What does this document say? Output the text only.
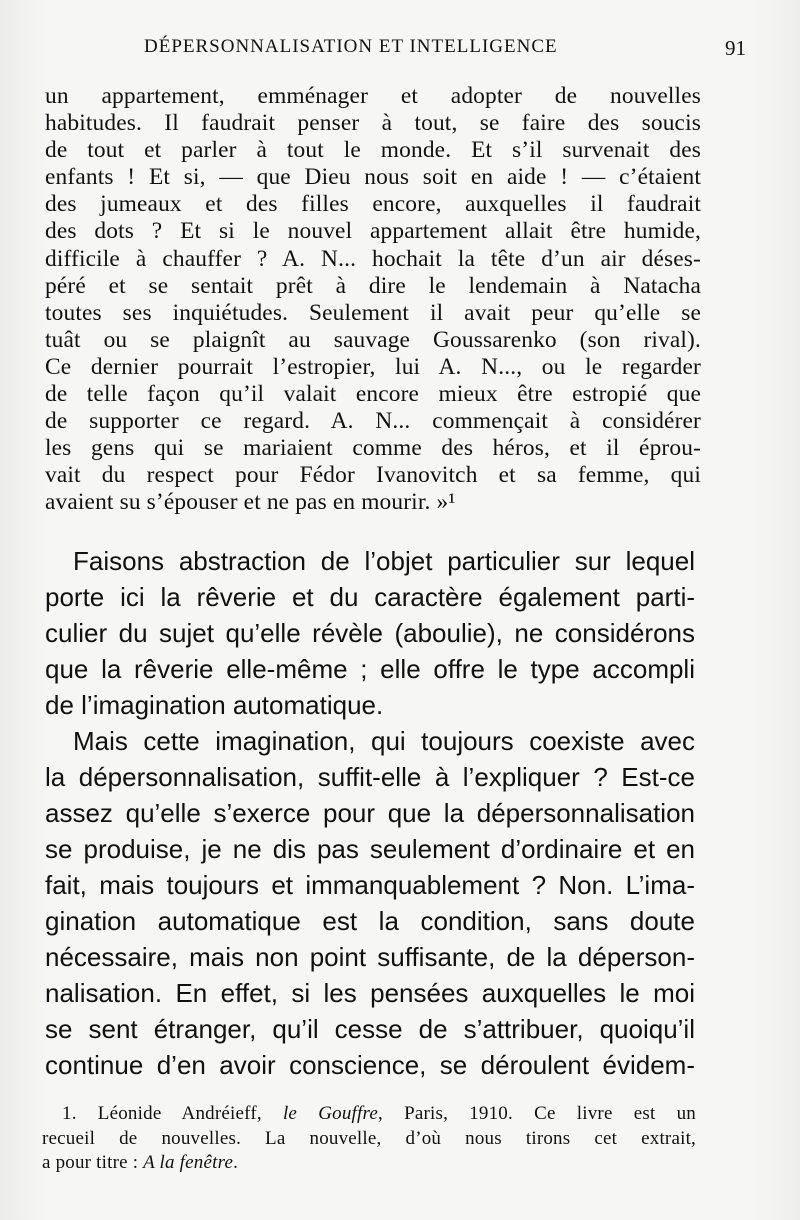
DÉPERSONNALISATION ET INTELLIGENCE	91
un appartement, emménager et adopter de nouvelles
habitudes. Il faudrait penser à tout, se faire des soucis
de tout et parler à tout le monde. Et s’il survenait des
enfants ! Et si, — que Dieu nous soit en aide ! — c’étaient
des jumeaux et des filles encore, auxquelles il faudrait
des dots ? Et si le nouvel appartement allait être humide,
difficile à chauffer ? A. N... hochait la tête d’un air déses-
péré et se sentait prêt à dire le lendemain à Natacha
toutes ses inquiétudes. Seulement il avait peur qu’elle se
tuât ou se plaignît au sauvage Goussarenko (son rival).
Ce dernier pourrait l’estropier, lui A. N..., ou le regarder
de telle façon qu’il valait encore mieux être estropié que
de supporter ce regard. A. N... commençait à considérer
les gens qui se mariaient comme des héros, et il éprou-
vait du respect pour Fédor Ivanovitch et sa femme, qui
avaient su s’épouser et ne pas en mourir. »¹
Faisons abstraction de l’objet particulier sur lequel
porte ici la rêverie et du caractère également parti-
culier du sujet qu’elle révèle (aboulie), ne considérons
que la rêverie elle-même ; elle offre le type accompli
de l’imagination automatique.
Mais cette imagination, qui toujours coexiste avec
la dépersonnalisation, suffit-elle à l’expliquer ? Est-ce
assez qu’elle s’exerce pour que la dépersonnalisation
se produise, je ne dis pas seulement d’ordinaire et en
fait, mais toujours et immanquablement ? Non. L’ima-
gination automatique est la condition, sans doute
nécessaire, mais non point suffisante, de la déperson-
nalisation. En effet, si les pensées auxquelles le moi
se sent étranger, qu’il cesse de s’attribuer, quoiqu’il
continue d’en avoir conscience, se déroulent évidem-
1. Léonide Andréieff, le Gouffre, Paris, 1910. Ce livre est un
recueil de nouvelles. La nouvelle, d’où nous tirons cet extrait,
a pour titre : A la fenêtre.
